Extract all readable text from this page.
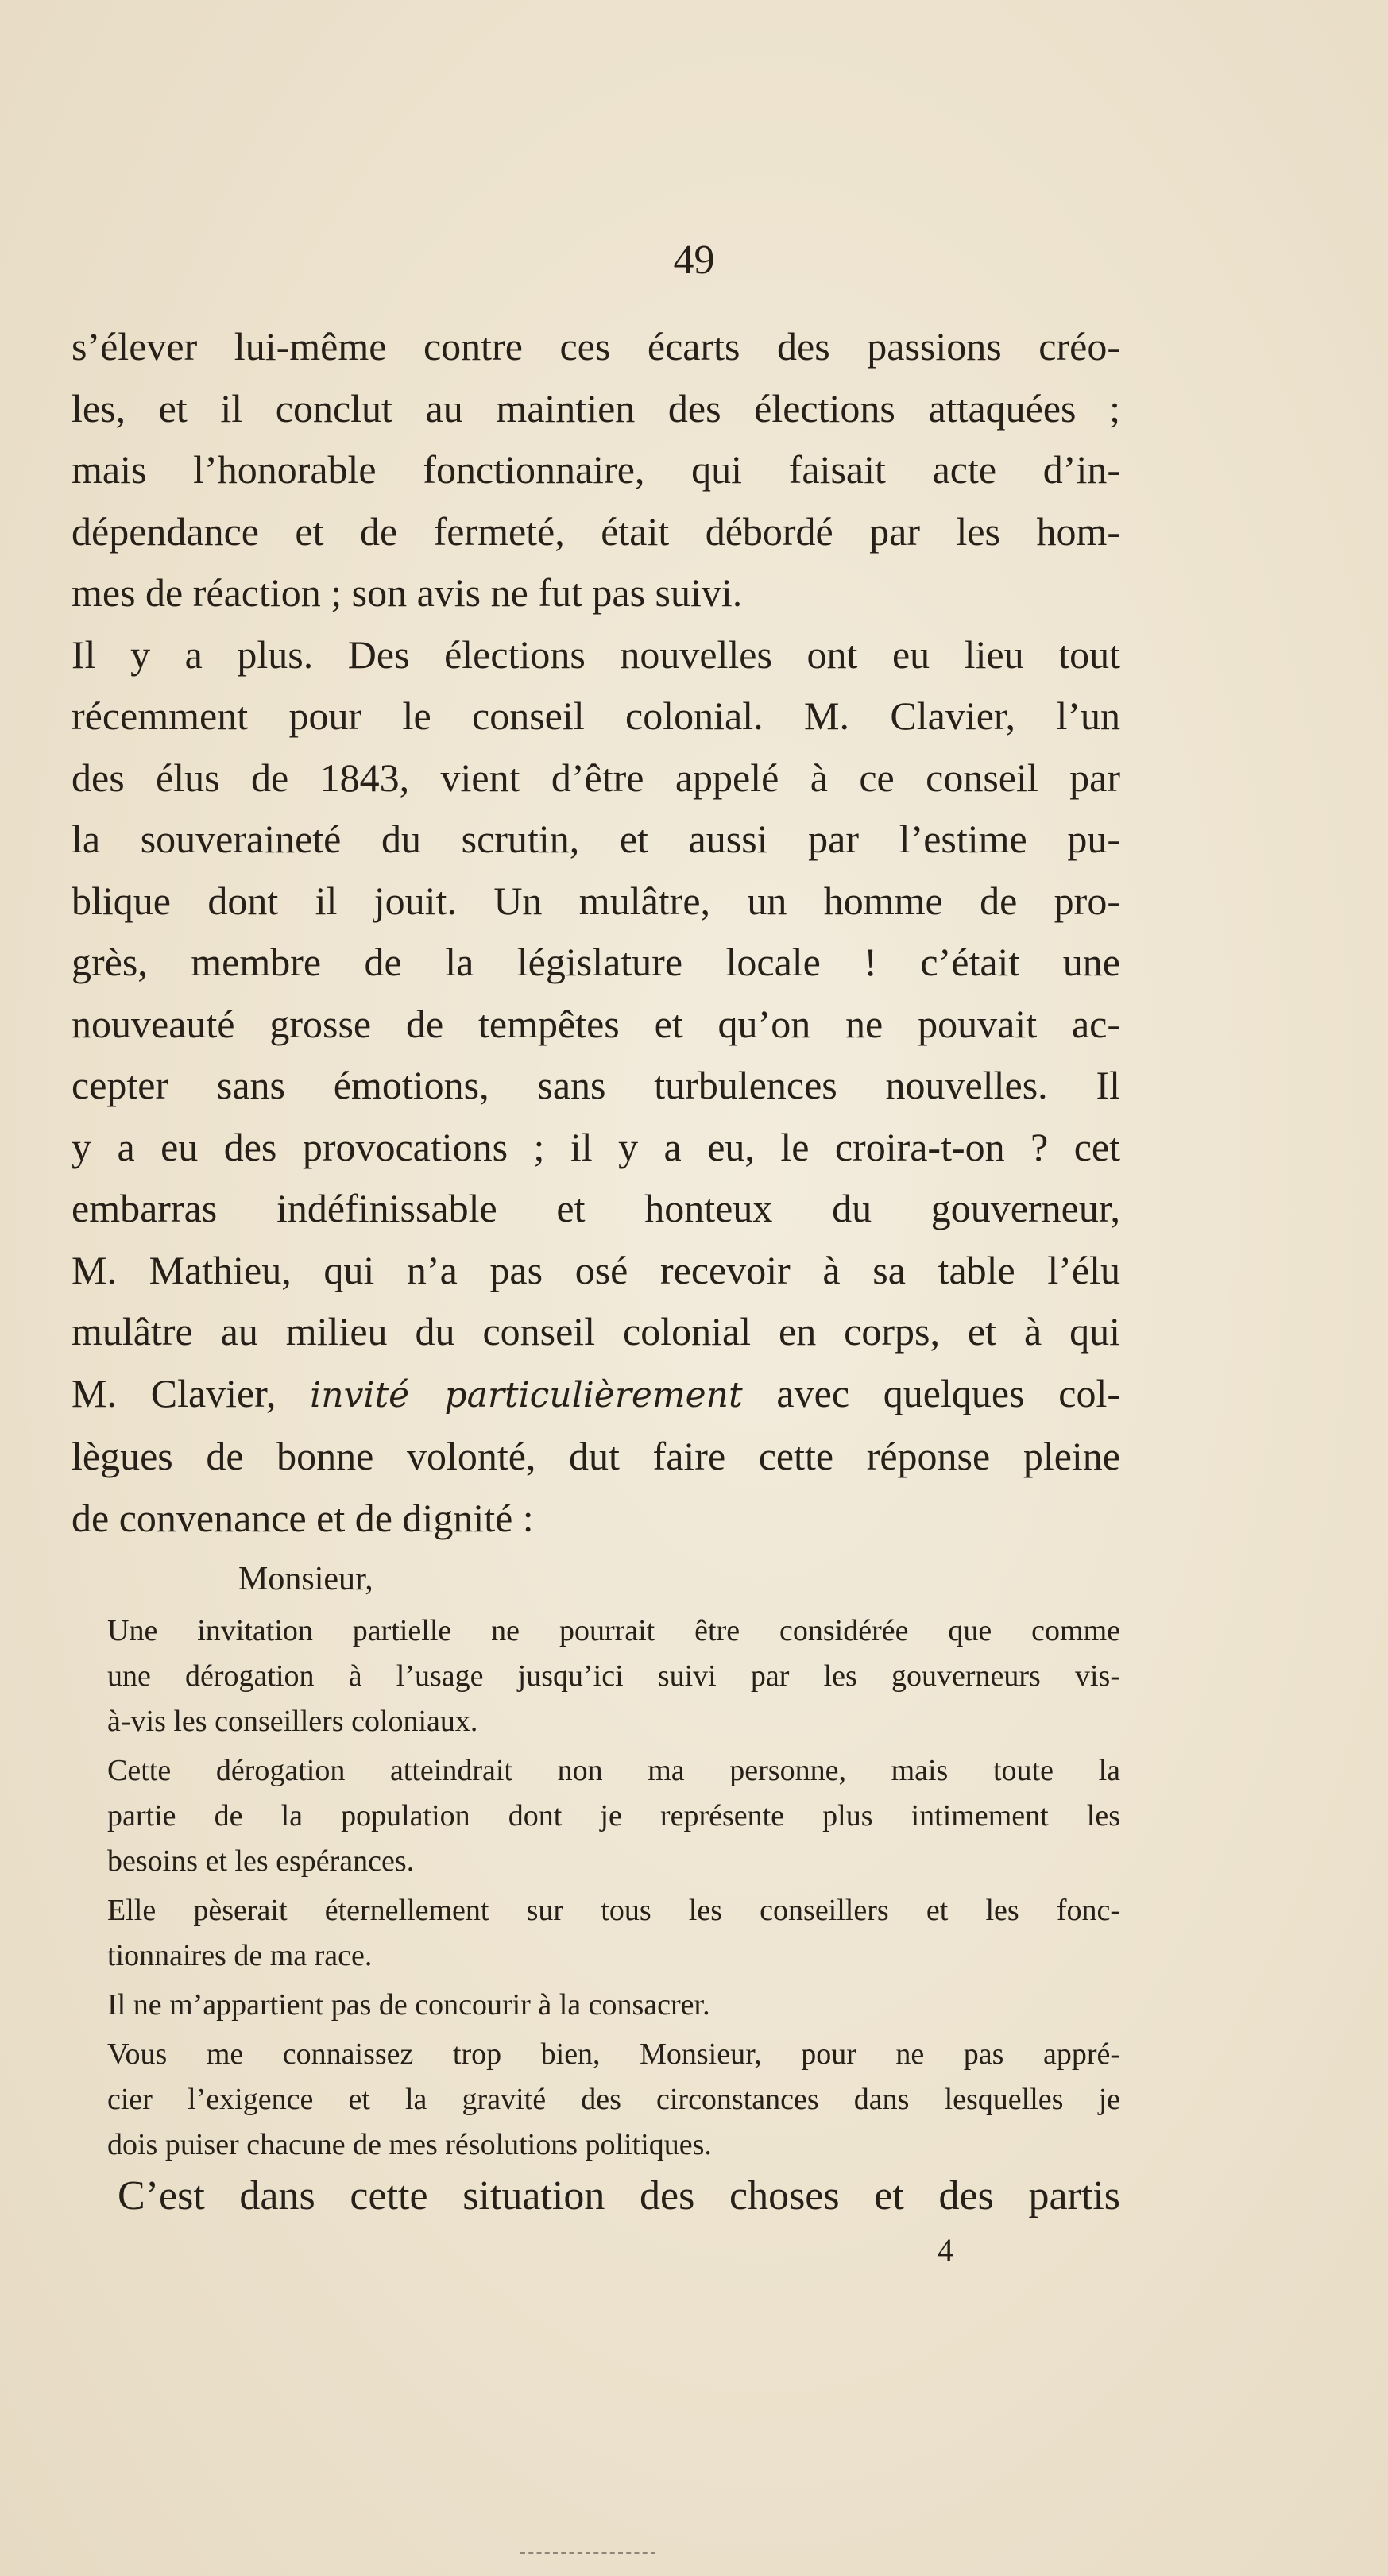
49
s’élever lui-même contre ces écarts des passions créo-
les, et il conclut au maintien des élections attaquées ;
mais l’honorable fonctionnaire, qui faisait acte d’in-
dépendance et de fermeté, était débordé par les hom-
mes de réaction ; son avis ne fut pas suivi.
Il y a plus. Des élections nouvelles ont eu lieu tout
récemment pour le conseil colonial. M. Clavier, l’un
des élus de 1843, vient d’être appelé à ce conseil par
la souveraineté du scrutin, et aussi par l’estime pu-
blique dont il jouit. Un mulâtre, un homme de pro-
grès, membre de la législature locale ! c’était une
nouveauté grosse de tempêtes et qu’on ne pouvait ac-
cepter sans émotions, sans turbulences nouvelles. Il
y a eu des provocations ; il y a eu, le croira-t-on ? cet
embarras indéfinissable et honteux du gouverneur,
M. Mathieu, qui n’a pas osé recevoir à sa table l’élu
mulâtre au milieu du conseil colonial en corps, et à qui
M. Clavier, invité particulièrement avec quelques col-
lègues de bonne volonté, dut faire cette réponse pleine
de convenance et de dignité :
Monsieur,
Une invitation partielle ne pourrait être considérée que comme
une dérogation à l’usage jusqu’ici suivi par les gouverneurs vis-
à-vis les conseillers coloniaux.
Cette dérogation atteindrait non ma personne, mais toute la
partie de la population dont je représente plus intimement les
besoins et les espérances.
Elle pèserait éternellement sur tous les conseillers et les fonc-
tionnaires de ma race.
Il ne m’appartient pas de concourir à la consacrer.
Vous me connaissez trop bien, Monsieur, pour ne pas appré-
cier l’exigence et la gravité des circonstances dans lesquelles je
dois puiser chacune de mes résolutions politiques.
C’est dans cette situation des choses et des partis
4
